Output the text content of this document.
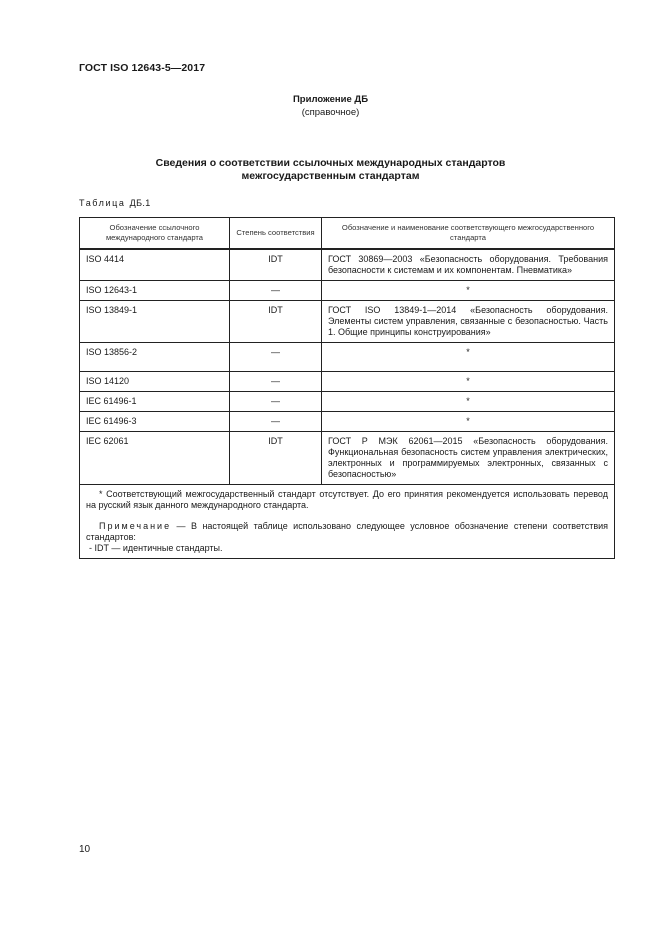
ГОСТ ISO 12643-5—2017
Приложение ДБ
(справочное)
Сведения о соответствии ссылочных международных стандартов
межгосударственным стандартам
Таблица ДБ.1
Обозначение ссылочного международного стандарта	Степень соответствия	Обозначение и наименование соответствующего межгосударственного стандарта
ISO 4414	IDT	ГОСТ 30869—2003 «Безопасность оборудования. Требования безопасности к системам и их компонентам. Пневматика»
ISO 12643-1	—	*
ISO 13849-1	IDT	ГОСТ ISO 13849-1—2014 «Безопасность оборудования. Элементы систем управления, связанные с безопасностью. Часть 1. Общие принципы конструирования»
ISO 13856-2	—	*
ISO 14120	—	*
IEC 61496-1	—	*
IEC 61496-3	—	*
IEC 62061	IDT	ГОСТ Р МЭК 62061—2015 «Безопасность оборудования. Функциональная безопасность систем управления электрических, электронных и программируемых электронных, связанных с безопасностью»

* Соответствующий межгосударственный стандарт отсутствует. До его принятия рекомендуется использовать перевод на русский язык данного международного стандарта.
Примечание — В настоящей таблице использовано следующее условное обозначение степени соответствия стандартов:
- IDT — идентичные стандарты.		
10
